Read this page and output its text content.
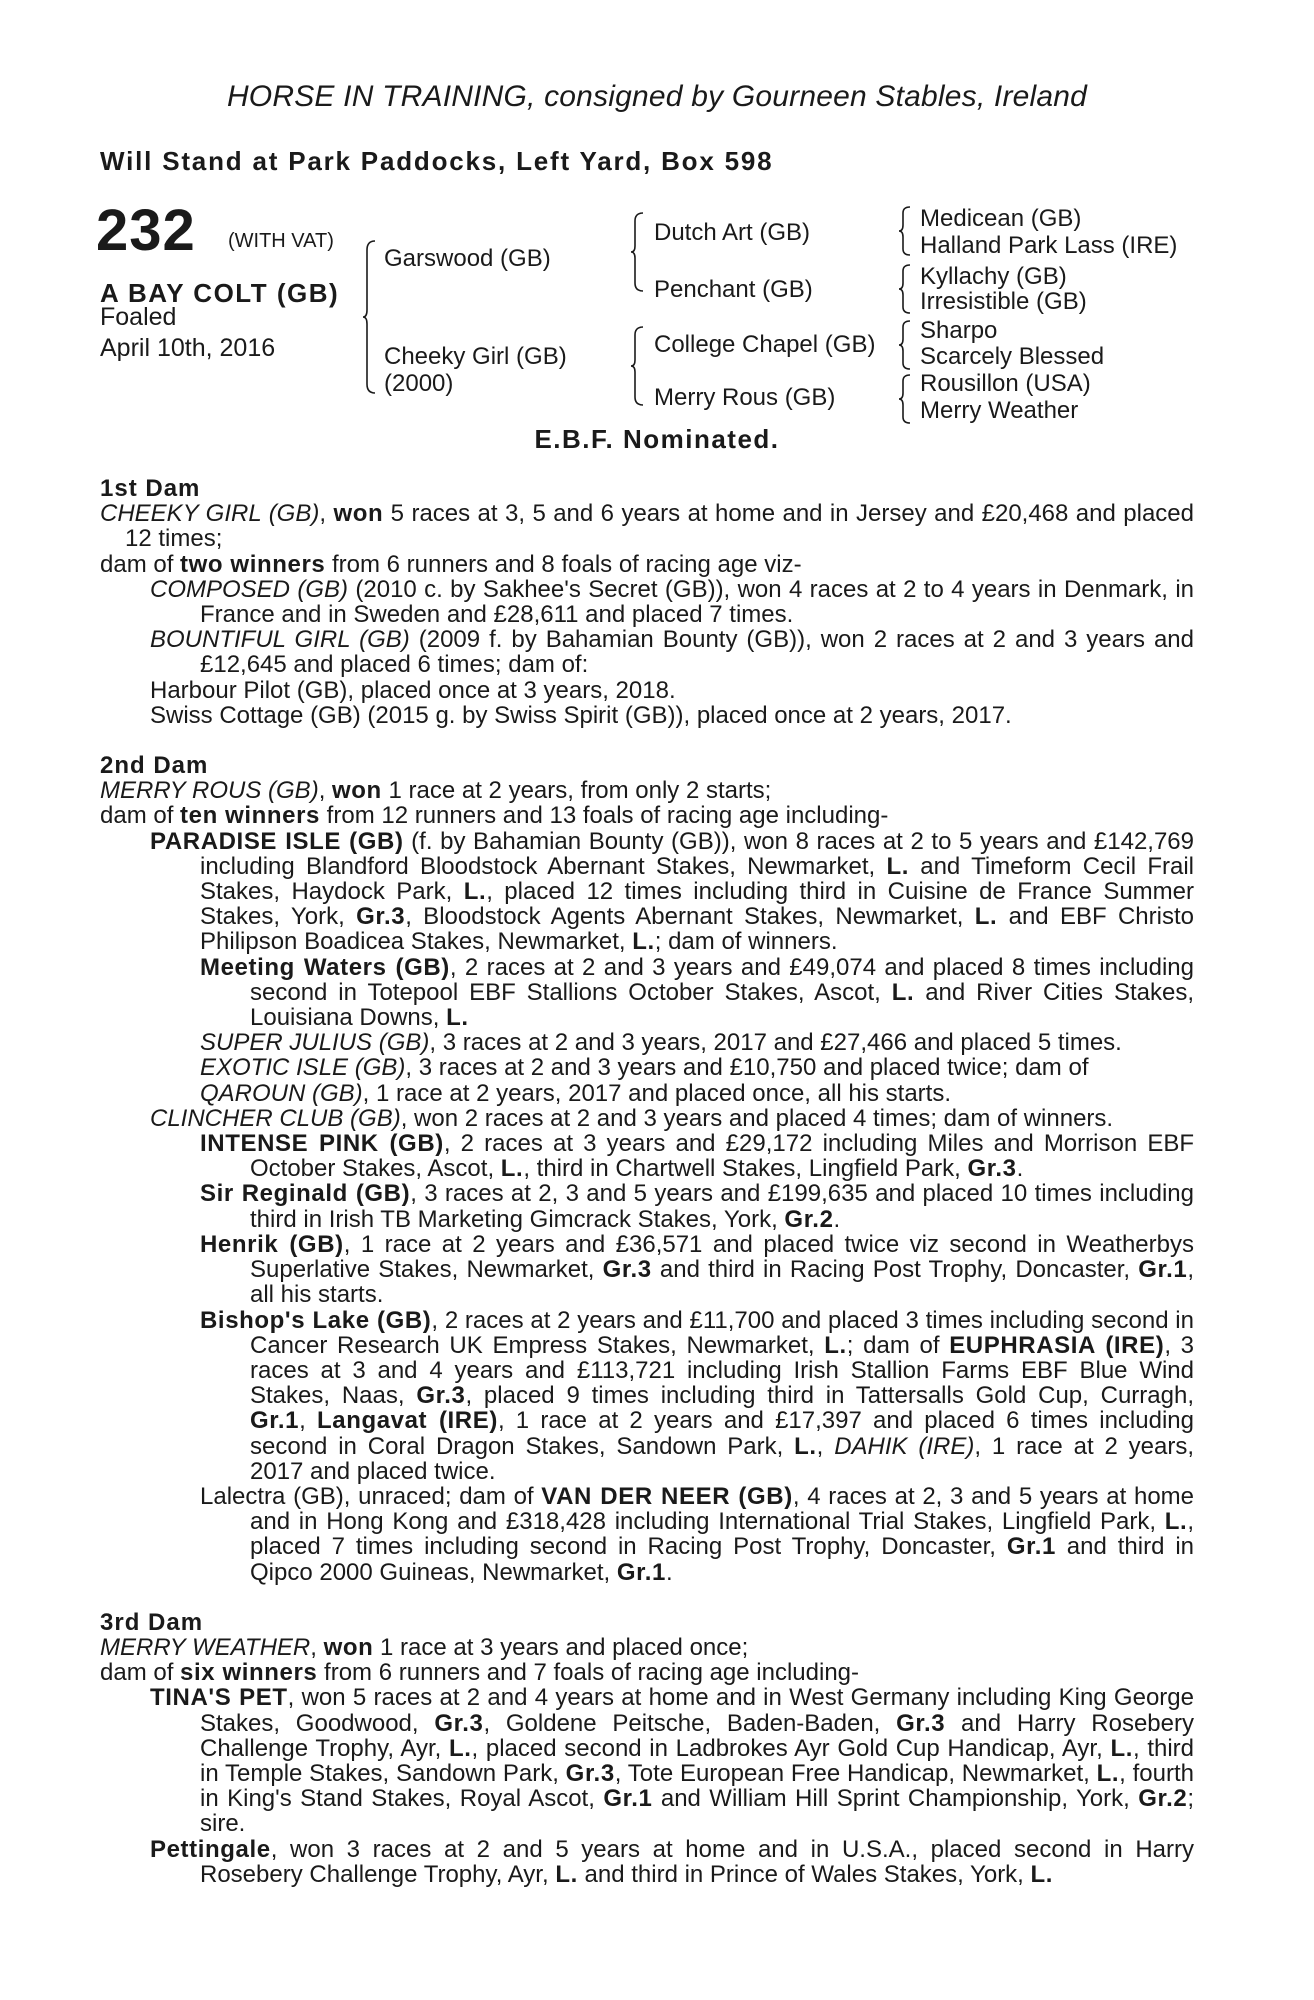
HORSE IN TRAINING, consigned by Gourneen Stables, Ireland
Will Stand at Park Paddocks, Left Yard, Box 598
232 (WITH VAT)
A BAY COLT (GB)
Foaled
April 10th, 2016
Garswood (GB)
Cheeky Girl (GB)
(2000)
Dutch Art (GB)
Penchant (GB)
College Chapel (GB)
Merry Rous (GB)
Medicean (GB)
Halland Park Lass (IRE)
Kyllachy (GB)
Irresistible (GB)
Sharpo
Scarcely Blessed
Rousillon (USA)
Merry Weather
E.B.F. Nominated.
1st Dam
CHEEKY GIRL (GB), won 5 races at 3, 5 and 6 years at home and in Jersey and £20,468 and placed 12 times;
dam of two winners from 6 runners and 8 foals of racing age viz-
COMPOSED (GB) (2010 c. by Sakhee's Secret (GB)), won 4 races at 2 to 4 years in Denmark, in France and in Sweden and £28,611 and placed 7 times.
BOUNTIFUL GIRL (GB) (2009 f. by Bahamian Bounty (GB)), won 2 races at 2 and 3 years and £12,645 and placed 6 times; dam of:
Harbour Pilot (GB), placed once at 3 years, 2018.
Swiss Cottage (GB) (2015 g. by Swiss Spirit (GB)), placed once at 2 years, 2017.
2nd Dam
MERRY ROUS (GB), won 1 race at 2 years, from only 2 starts;
dam of ten winners from 12 runners and 13 foals of racing age including-
PARADISE ISLE (GB) (f. by Bahamian Bounty (GB)), won 8 races at 2 to 5 years and £142,769 including Blandford Bloodstock Abernant Stakes, Newmarket, L. and Timeform Cecil Frail Stakes, Haydock Park, L., placed 12 times including third in Cuisine de France Summer Stakes, York, Gr.3, Bloodstock Agents Abernant Stakes, Newmarket, L. and EBF Christo Philipson Boadicea Stakes, Newmarket, L.; dam of winners.
Meeting Waters (GB), 2 races at 2 and 3 years and £49,074 and placed 8 times including second in Totepool EBF Stallions October Stakes, Ascot, L. and River Cities Stakes, Louisiana Downs, L.
SUPER JULIUS (GB), 3 races at 2 and 3 years, 2017 and £27,466 and placed 5 times.
EXOTIC ISLE (GB), 3 races at 2 and 3 years and £10,750 and placed twice; dam of
QAROUN (GB), 1 race at 2 years, 2017 and placed once, all his starts.
CLINCHER CLUB (GB), won 2 races at 2 and 3 years and placed 4 times; dam of winners.
INTENSE PINK (GB), 2 races at 3 years and £29,172 including Miles and Morrison EBF October Stakes, Ascot, L., third in Chartwell Stakes, Lingfield Park, Gr.3.
Sir Reginald (GB), 3 races at 2, 3 and 5 years and £199,635 and placed 10 times including third in Irish TB Marketing Gimcrack Stakes, York, Gr.2.
Henrik (GB), 1 race at 2 years and £36,571 and placed twice viz second in Weatherbys Superlative Stakes, Newmarket, Gr.3 and third in Racing Post Trophy, Doncaster, Gr.1, all his starts.
Bishop's Lake (GB), 2 races at 2 years and £11,700 and placed 3 times including second in Cancer Research UK Empress Stakes, Newmarket, L.; dam of EUPHRASIA (IRE), 3 races at 3 and 4 years and £113,721 including Irish Stallion Farms EBF Blue Wind Stakes, Naas, Gr.3, placed 9 times including third in Tattersalls Gold Cup, Curragh, Gr.1, Langavat (IRE), 1 race at 2 years and £17,397 and placed 6 times including second in Coral Dragon Stakes, Sandown Park, L., DAHIK (IRE), 1 race at 2 years, 2017 and placed twice.
Lalectra (GB), unraced; dam of VAN DER NEER (GB), 4 races at 2, 3 and 5 years at home and in Hong Kong and £318,428 including International Trial Stakes, Lingfield Park, L., placed 7 times including second in Racing Post Trophy, Doncaster, Gr.1 and third in Qipco 2000 Guineas, Newmarket, Gr.1.
3rd Dam
MERRY WEATHER, won 1 race at 3 years and placed once;
dam of six winners from 6 runners and 7 foals of racing age including-
TINA'S PET, won 5 races at 2 and 4 years at home and in West Germany including King George Stakes, Goodwood, Gr.3, Goldene Peitsche, Baden-Baden, Gr.3 and Harry Rosebery Challenge Trophy, Ayr, L., placed second in Ladbrokes Ayr Gold Cup Handicap, Ayr, L., third in Temple Stakes, Sandown Park, Gr.3, Tote European Free Handicap, Newmarket, L., fourth in King's Stand Stakes, Royal Ascot, Gr.1 and William Hill Sprint Championship, York, Gr.2; sire.
Pettingale, won 3 races at 2 and 5 years at home and in U.S.A., placed second in Harry Rosebery Challenge Trophy, Ayr, L. and third in Prince of Wales Stakes, York, L.
